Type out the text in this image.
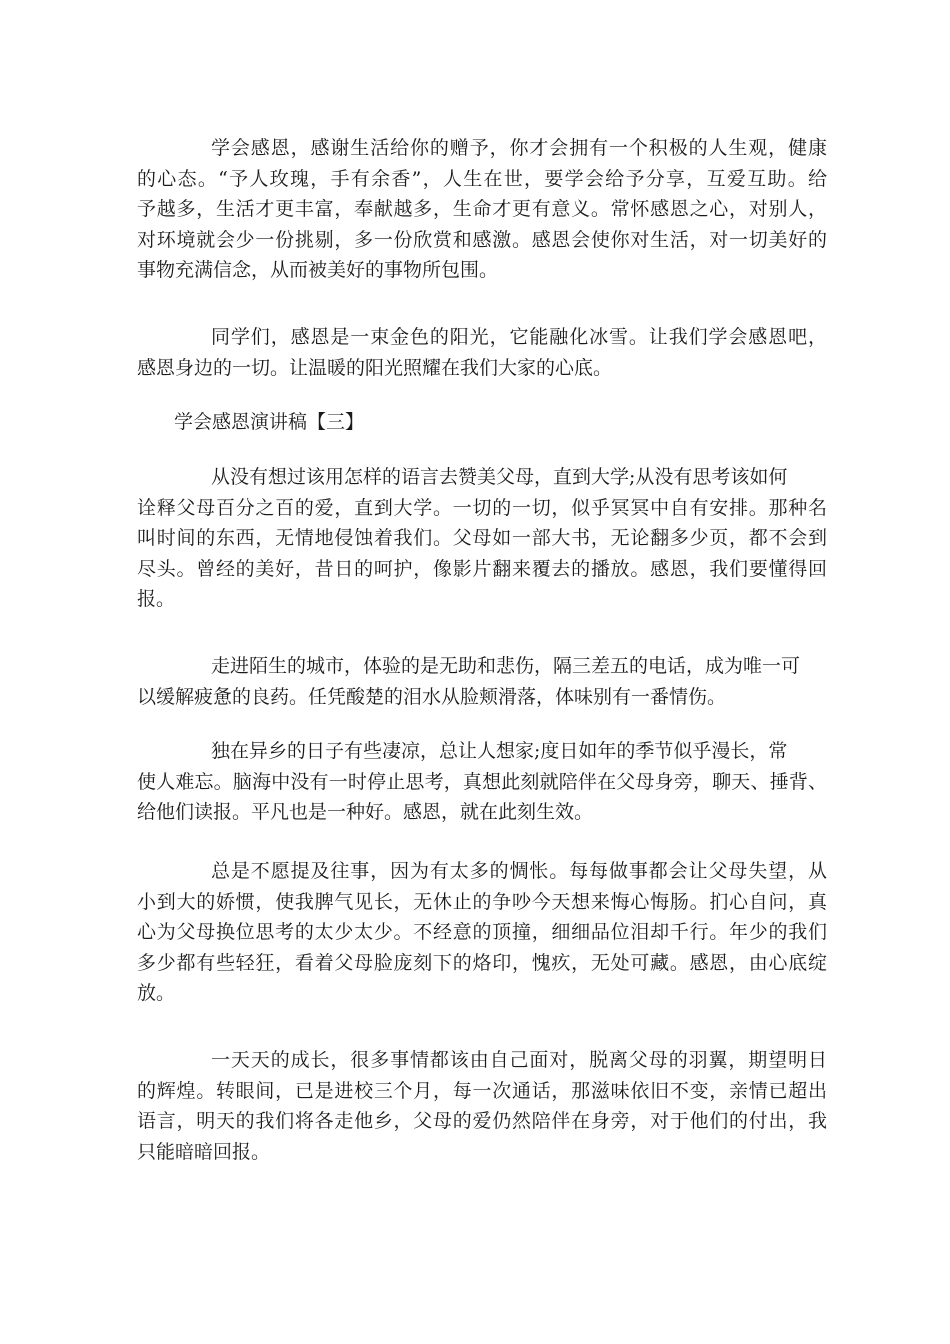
学会感恩，感谢生活给你的赠予，你才会拥有一个积极的人生观，健康
的心态。“予人玫瑰，手有余香”，人生在世，要学会给予分享，互爱互助。给
予越多，生活才更丰富，奉献越多，生命才更有意义。常怀感恩之心，对别人，
对环境就会少一份挑剔，多一份欣赏和感激。感恩会使你对生活，对一切美好的
事物充满信念，从而被美好的事物所包围。
同学们，感恩是一束金色的阳光，它能融化冰雪。让我们学会感恩吧，
感恩身边的一切。让温暖的阳光照耀在我们大家的心底。
学会感恩演讲稿【三】
从没有想过该用怎样的语言去赞美父母，直到大学;从没有思考该如何
诠释父母百分之百的爱，直到大学。一切的一切，似乎冥冥中自有安排。那种名
叫时间的东西，无情地侵蚀着我们。父母如一部大书，无论翻多少页，都不会到
尽头。曾经的美好，昔日的呵护，像影片翻来覆去的播放。感恩，我们要懂得回
报。
走进陌生的城市，体验的是无助和悲伤，隔三差五的电话，成为唯一可
以缓解疲惫的良药。任凭酸楚的泪水从脸颊滑落，体味别有一番情伤。
独在异乡的日子有些凄凉，总让人想家;度日如年的季节似乎漫长，常
使人难忘。脑海中没有一时停止思考，真想此刻就陪伴在父母身旁，聊天、捶背、
给他们读报。平凡也是一种好。感恩，就在此刻生效。
总是不愿提及往事，因为有太多的惆怅。每每做事都会让父母失望，从
小到大的娇惯，使我脾气见长，无休止的争吵今天想来悔心悔肠。扪心自问，真
心为父母换位思考的太少太少。不经意的顶撞，细细品位泪却千行。年少的我们
多少都有些轻狂，看着父母脸庞刻下的烙印，愧疚，无处可藏。感恩，由心底绽
放。
一天天的成长，很多事情都该由自己面对，脱离父母的羽翼，期望明日
的辉煌。转眼间，已是进校三个月，每一次通话，那滋味依旧不变，亲情已超出
语言，明天的我们将各走他乡，父母的爱仍然陪伴在身旁，对于他们的付出，我
只能暗暗回报。
